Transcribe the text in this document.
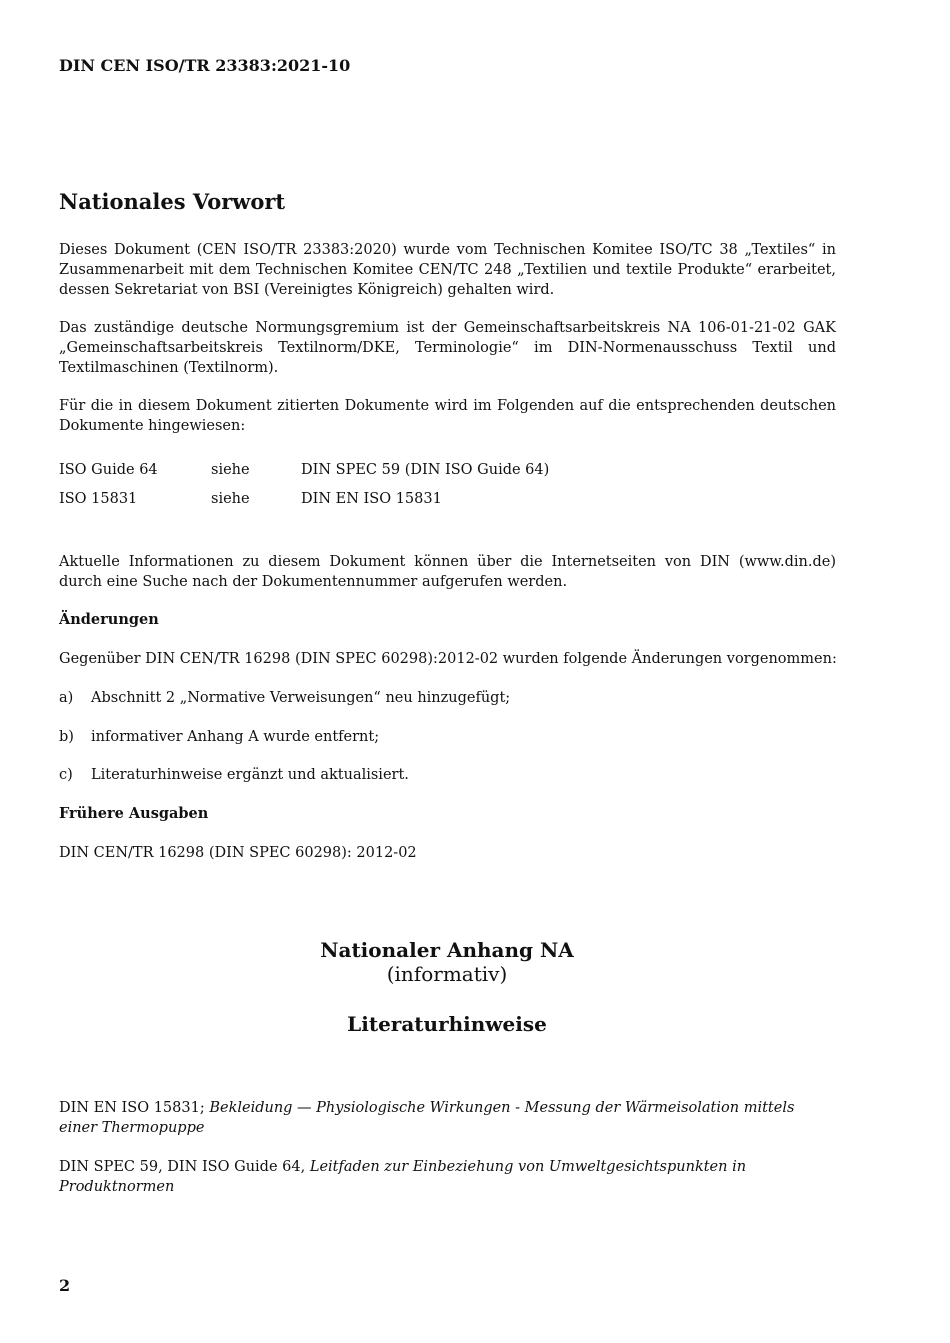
DIN CEN ISO/TR 23383:2021-10
Nationales Vorwort
Dieses Dokument (CEN ISO/TR 23383:2020) wurde vom Technischen Komitee ISO/TC 38 „Textiles“ in Zusammenarbeit mit dem Technischen Komitee CEN/TC 248 „Textilien und textile Produkte“ erarbeitet, dessen Sekretariat von BSI (Vereinigtes Königreich) gehalten wird.
Das zuständige deutsche Normungsgremium ist der Gemeinschaftsarbeitskreis NA 106-01-21-02 GAK „Gemeinschaftsarbeitskreis Textilnorm/DKE, Terminologie“ im DIN-Normenausschuss Textil und Textilmaschinen (Textilnorm).
Für die in diesem Dokument zitierten Dokumente wird im Folgenden auf die entsprechenden deutschen Dokumente hingewiesen:
ISO Guide 64	siehe	DIN SPEC 59 (DIN ISO Guide 64)
ISO 15831	siehe	DIN EN ISO 15831
Aktuelle Informationen zu diesem Dokument können über die Internetseiten von DIN (www.din.de) durch eine Suche nach der Dokumentennummer aufgerufen werden.
Änderungen
Gegenüber DIN CEN/TR 16298 (DIN SPEC 60298):2012-02 wurden folgende Änderungen vorgenommen:
a) Abschnitt 2 „Normative Verweisungen“ neu hinzugefügt;
b) informativer Anhang A wurde entfernt;
c) Literaturhinweise ergänzt und aktualisiert.
Frühere Ausgaben
DIN CEN/TR 16298 (DIN SPEC 60298): 2012-02
Nationaler Anhang NA
(informativ)
Literaturhinweise
DIN EN ISO 15831; Bekleidung — Physiologische Wirkungen - Messung der Wärmeisolation mittels einer Thermopuppe
DIN SPEC 59, DIN ISO Guide 64, Leitfaden zur Einbeziehung von Umweltgesichtspunkten in Produktnormen
2
